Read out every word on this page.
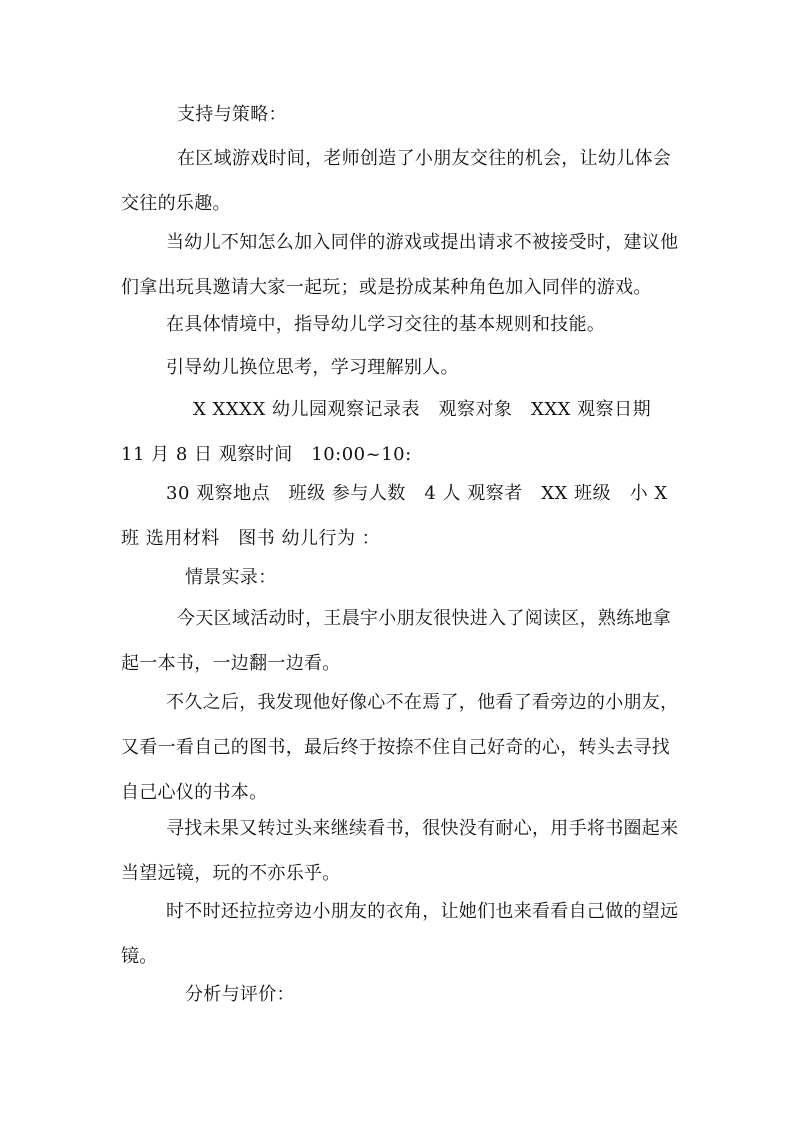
支持与策略：

在区域游戏时间，老师创造了小朋友交往的机会，让幼儿体会交往的乐趣。

当幼儿不知怎么加入同伴的游戏或提出请求不被接受时，建议他们拿出玩具邀请大家一起玩；或是扮成某种角色加入同伴的游戏。

在具体情境中，指导幼儿学习交往的基本规则和技能。

引导幼儿换位思考，学习理解别人。

X XXXX 幼儿园观察记录表　观察对象　XXX 观察日期　11 月 8 日 观察时间　10:00~10:

30 观察地点　班级 参与人数　4 人 观察者　XX 班级　小 X 班 选用材料　图书 幼儿行为 ：

情景实录：

今天区域活动时，王晨宇小朋友很快进入了阅读区，熟练地拿起一本书，一边翻一边看。

不久之后，我发现他好像心不在焉了，他看了看旁边的小朋友，又看一看自己的图书，最后终于按捺不住自己好奇的心，转头去寻找自己心仪的书本。

寻找未果又转过头来继续看书，很快没有耐心，用手将书圈起来当望远镜，玩的不亦乐乎。

时不时还拉拉旁边小朋友的衣角，让她们也来看看自己做的望远镜。

分析与评价：
